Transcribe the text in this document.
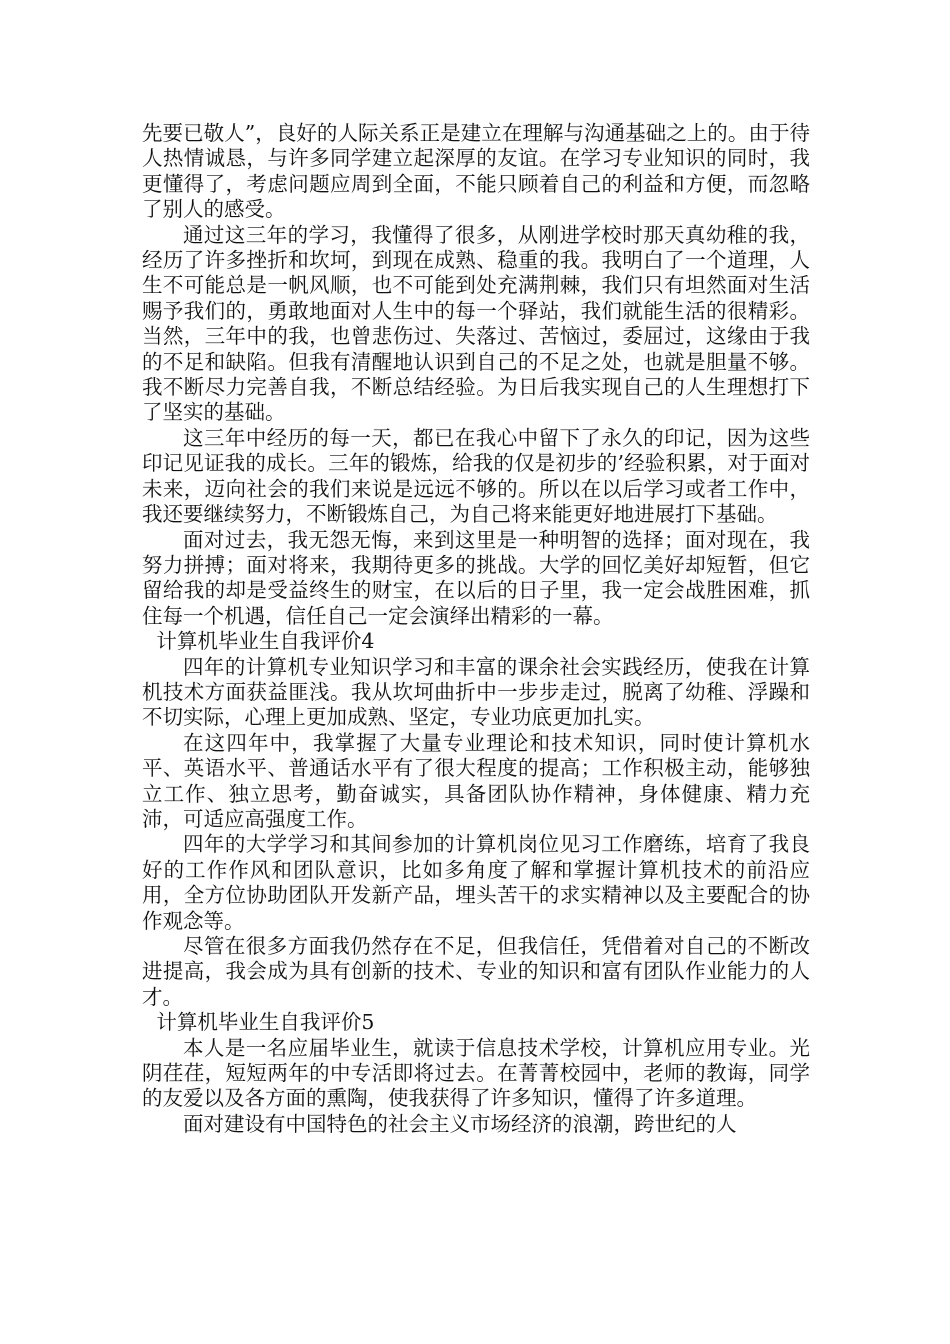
先要已敬人”，良好的人际关系正是建立在理解与沟通基础之上的。由于待人热情诚恳，与许多同学建立起深厚的友谊。在学习专业知识的同时，我更懂得了，考虑问题应周到全面，不能只顾着自己的利益和方便，而忽略了别人的感受。

通过这三年的学习，我懂得了很多，从刚进学校时那天真幼稚的我，经历了许多挫折和坎坷，到现在成熟、稳重的我。我明白了一个道理，人生不可能总是一帆风顺，也不可能到处充满荆棘，我们只有坦然面对生活赐予我们的，勇敢地面对人生中的每一个驿站，我们就能生活的很精彩。当然，三年中的我，也曾悲伤过、失落过、苦恼过，委屈过，这缘由于我的不足和缺陷。但我有清醒地认识到自己的不足之处，也就是胆量不够。我不断尽力完善自我，不断总结经验。为日后我实现自己的人生理想打下了坚实的基础。

这三年中经历的每一天，都已在我心中留下了永久的印记，因为这些印记见证我的成长。三年的锻炼，给我的仅是初步的’经验积累，对于面对未来，迈向社会的我们来说是远远不够的。所以在以后学习或者工作中，我还要继续努力，不断锻炼自己，为自己将来能更好地进展打下基础。

面对过去，我无怨无悔，来到这里是一种明智的选择；面对现在，我努力拼搏；面对将来，我期待更多的挑战。大学的回忆美好却短暂，但它留给我的却是受益终生的财宝，在以后的日子里，我一定会战胜困难，抓住每一个机遇，信任自己一定会演绎出精彩的一幕。

计算机毕业生自我评价4

四年的计算机专业知识学习和丰富的课余社会实践经历，使我在计算机技术方面获益匪浅。我从坎坷曲折中一步步走过，脱离了幼稚、浮躁和不切实际，心理上更加成熟、坚定，专业功底更加扎实。

在这四年中，我掌握了大量专业理论和技术知识，同时使计算机水平、英语水平、普通话水平有了很大程度的提高；工作积极主动，能够独立工作、独立思考，勤奋诚实，具备团队协作精神，身体健康、精力充沛，可适应高强度工作。

四年的大学学习和其间参加的计算机岗位见习工作磨练，培育了我良好的工作作风和团队意识，比如多角度了解和掌握计算机技术的前沿应用，全方位协助团队开发新产品，埋头苦干的求实精神以及主要配合的协作观念等。

尽管在很多方面我仍然存在不足，但我信任，凭借着对自己的不断改进提高，我会成为具有创新的技术、专业的知识和富有团队作业能力的人才。

计算机毕业生自我评价5

本人是一名应届毕业生，就读于信息技术学校，计算机应用专业。光阴荏荏，短短两年的中专活即将过去。在菁菁校园中，老师的教诲，同学的友爱以及各方面的熏陶，使我获得了许多知识，懂得了许多道理。

面对建设有中国特色的社会主义市场经济的浪潮，跨世纪的人
